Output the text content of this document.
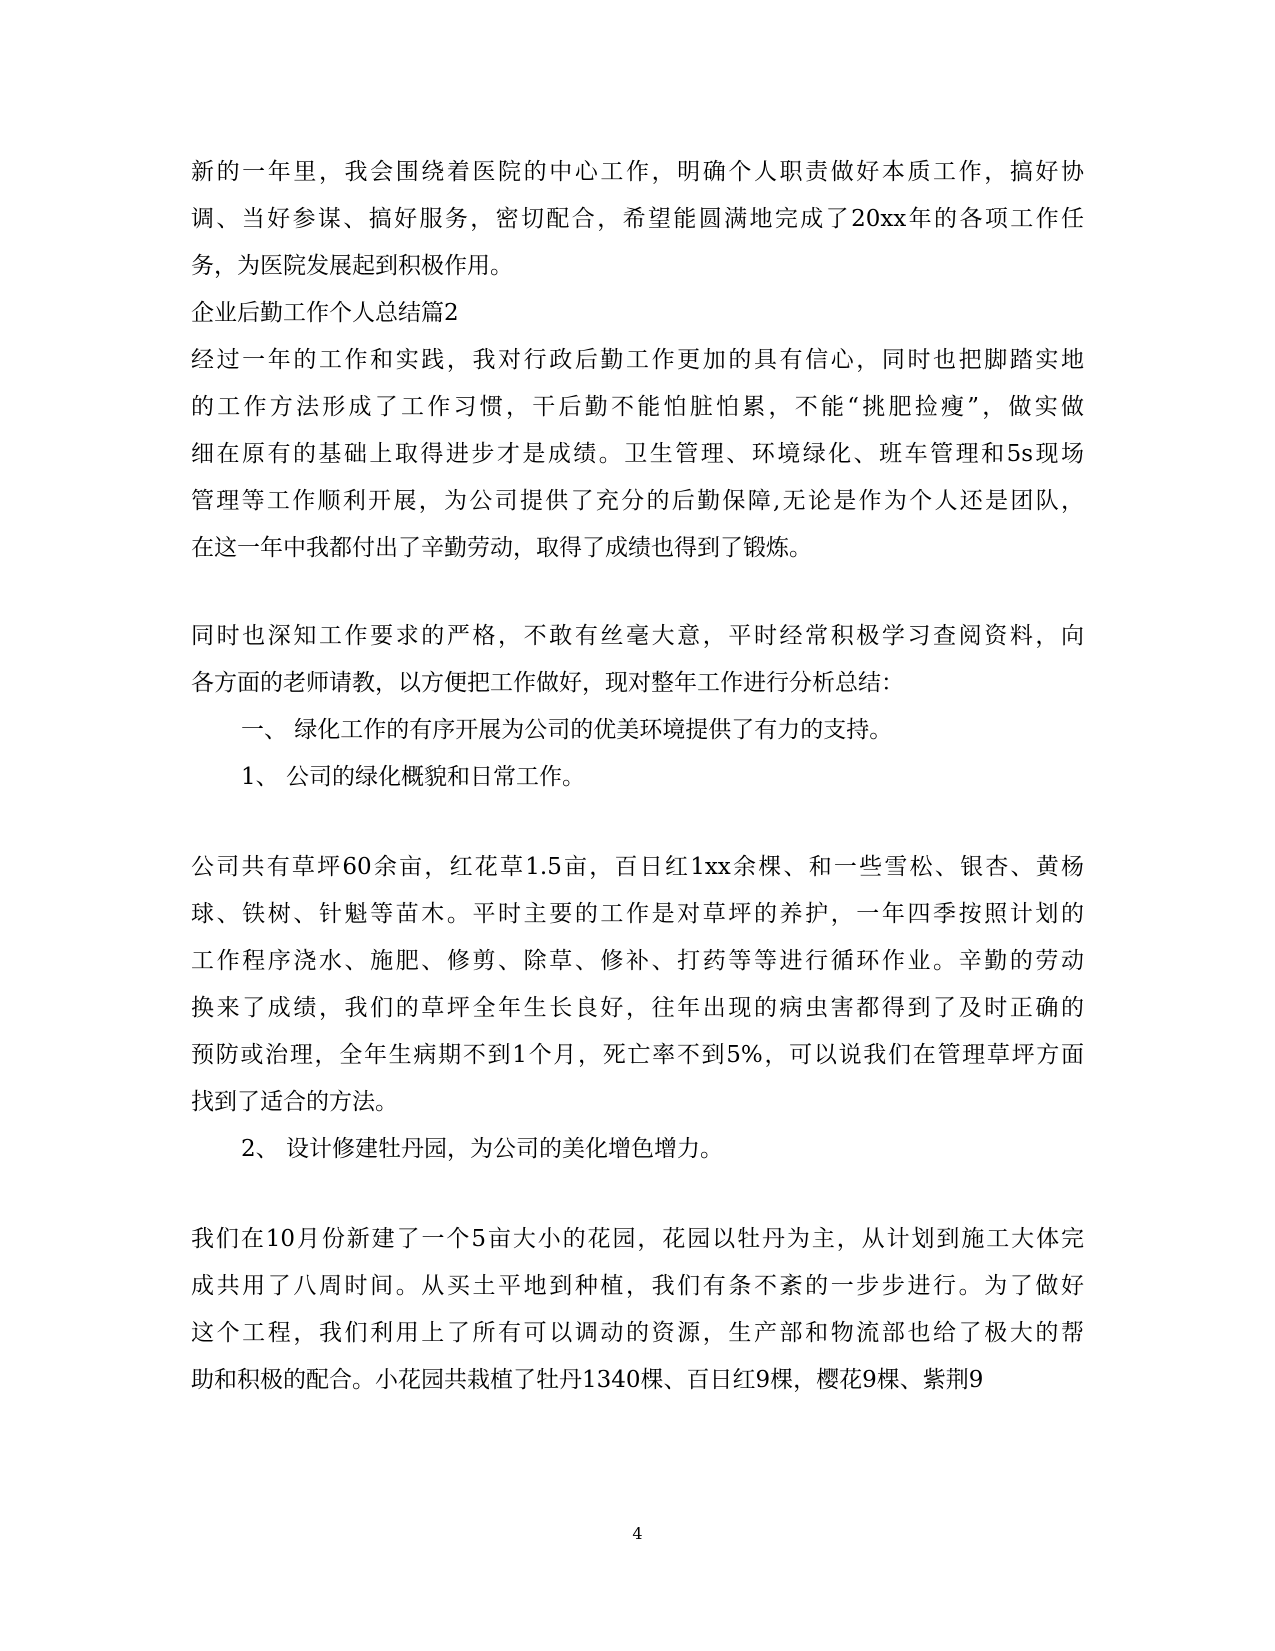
新的一年里，我会围绕着医院的中心工作，明确个人职责做好本质工作，搞好协
调、当好参谋、搞好服务，密切配合，希望能圆满地完成了20xx年的各项工作任
务，为医院发展起到积极作用。
企业后勤工作个人总结篇2
经过一年的工作和实践，我对行政后勤工作更加的具有信心，同时也把脚踏实地
的工作方法形成了工作习惯，干后勤不能怕脏怕累，不能“挑肥捡瘦”，做实做
细在原有的基础上取得进步才是成绩。卫生管理、环境绿化、班车管理和5s现场
管理等工作顺利开展，为公司提供了充分的后勤保障,无论是作为个人还是团队，
在这一年中我都付出了辛勤劳动，取得了成绩也得到了锻炼。
同时也深知工作要求的严格，不敢有丝毫大意，平时经常积极学习查阅资料，向
各方面的老师请教，以方便把工作做好，现对整年工作进行分析总结：
一、 绿化工作的有序开展为公司的优美环境提供了有力的支持。
1、 公司的绿化概貌和日常工作。
公司共有草坪60余亩，红花草1.5亩，百日红1xx余棵、和一些雪松、银杏、黄杨
球、铁树、针魁等苗木。平时主要的工作是对草坪的养护，一年四季按照计划的
工作程序浇水、施肥、修剪、除草、修补、打药等等进行循环作业。辛勤的劳动
换来了成绩，我们的草坪全年生长良好，往年出现的病虫害都得到了及时正确的
预防或治理，全年生病期不到1个月，死亡率不到5%，可以说我们在管理草坪方面
找到了适合的方法。
2、 设计修建牡丹园，为公司的美化增色增力。
我们在10月份新建了一个5亩大小的花园，花园以牡丹为主，从计划到施工大体完
成共用了八周时间。从买土平地到种植，我们有条不紊的一步步进行。为了做好
这个工程，我们利用上了所有可以调动的资源，生产部和物流部也给了极大的帮
助和积极的配合。小花园共栽植了牡丹1340棵、百日红9棵，樱花9棵、紫荆9
4
